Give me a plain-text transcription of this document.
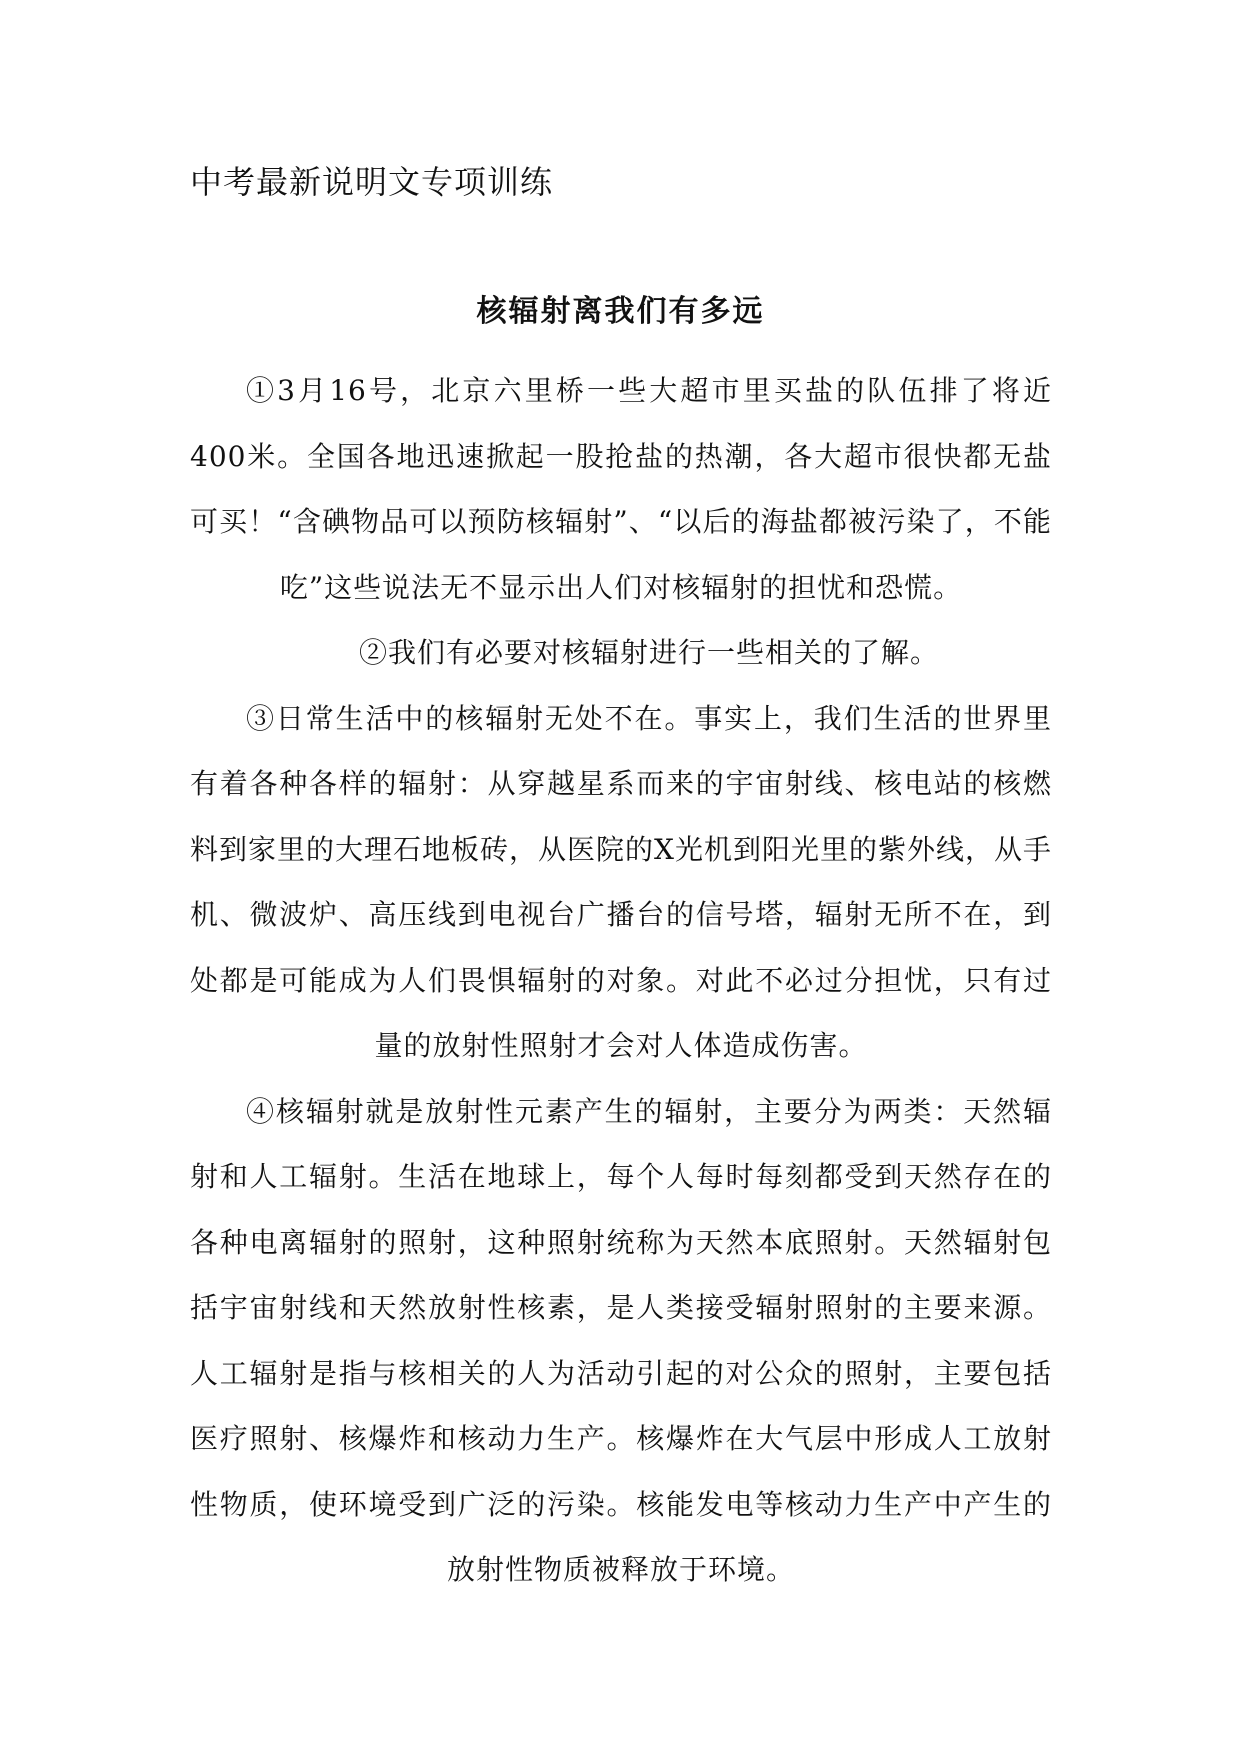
中考最新说明文专项训练
核辐射离我们有多远

①3月16号，北京六里桥一些大超市里买盐的队伍排了将近400米。全国各地迅速掀起一股抢盐的热潮，各大超市很快都无盐可买！“含碘物品可以预防核辐射”、“以后的海盐都被污染了，不能吃”这些说法无不显示出人们对核辐射的担忧和恐慌。

②我们有必要对核辐射进行一些相关的了解。

③日常生活中的核辐射无处不在。事实上，我们生活的世界里有着各种各样的辐射：从穿越星系而来的宇宙射线、核电站的核燃料到家里的大理石地板砖，从医院的X光机到阳光里的紫外线，从手机、微波炉、高压线到电视台广播台的信号塔，辐射无所不在，到处都是可能成为人们畏惧辐射的对象。对此不必过分担忧，只有过量的放射性照射才会对人体造成伤害。

④核辐射就是放射性元素产生的辐射，主要分为两类：天然辐射和人工辐射。生活在地球上，每个人每时每刻都受到天然存在的各种电离辐射的照射，这种照射统称为天然本底照射。天然辐射包括宇宙射线和天然放射性核素，是人类接受辐射照射的主要来源。人工辐射是指与核相关的人为活动引起的对公众的照射，主要包括医疗照射、核爆炸和核动力生产。核爆炸在大气层中形成人工放射性物质，使环境受到广泛的污染。核能发电等核动力生产中产生的放射性物质被释放于环境。
